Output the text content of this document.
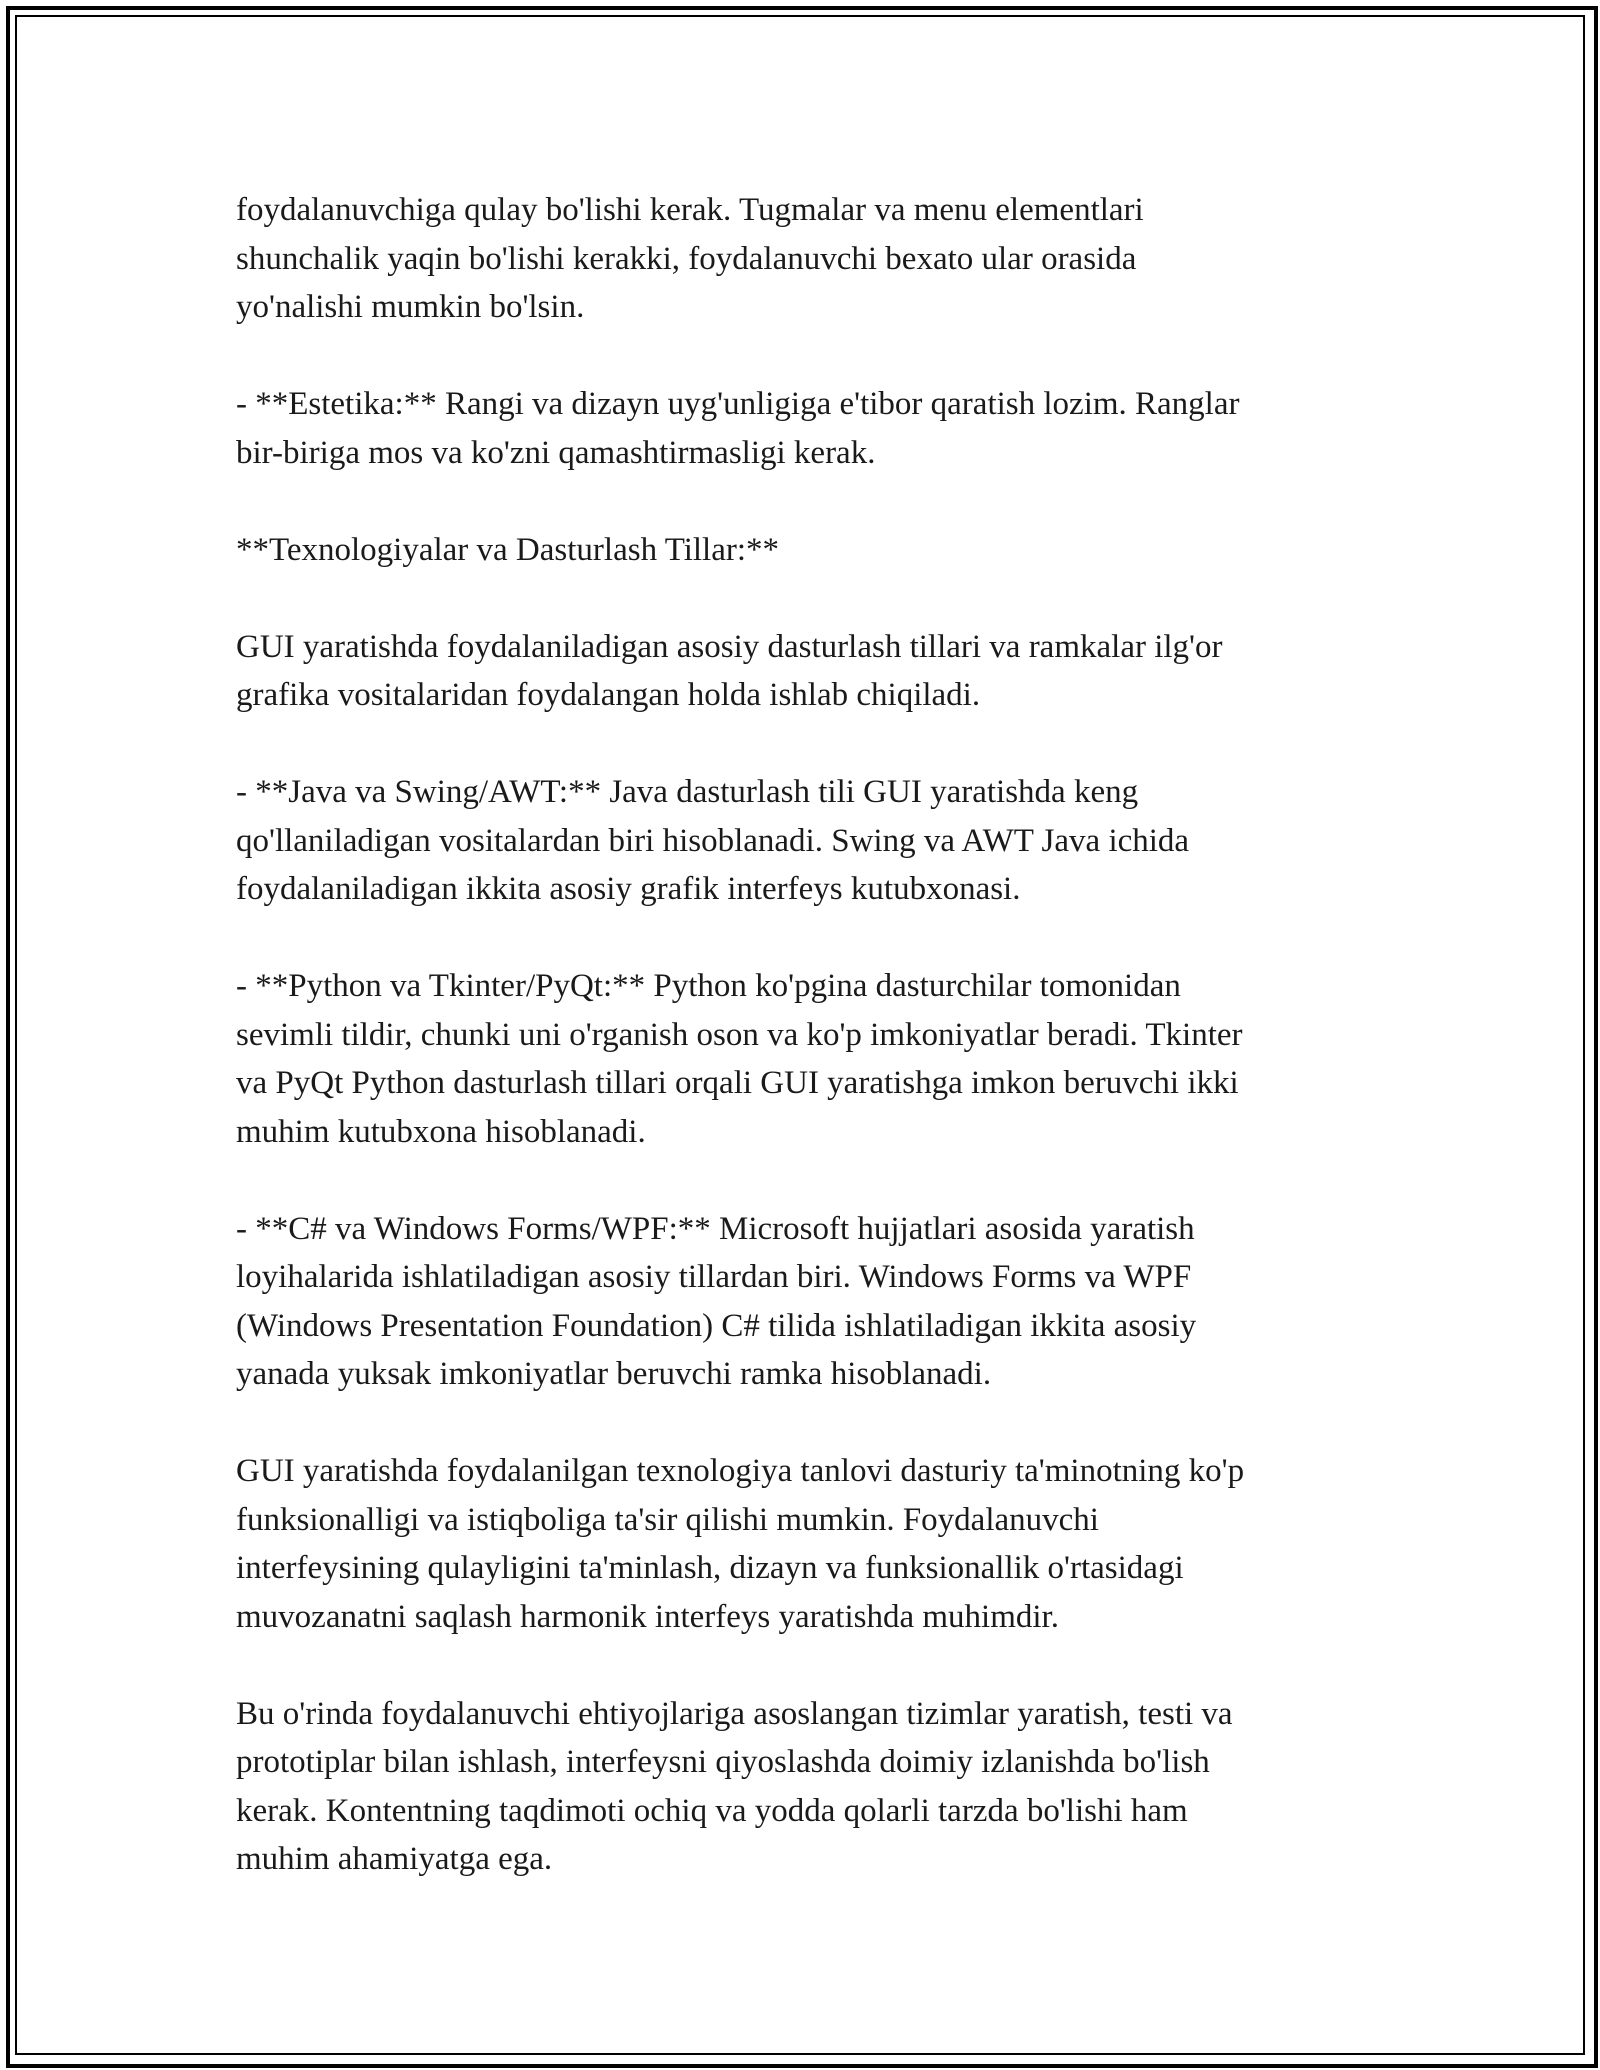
foydalanuvchiga qulay bo'lishi kerak. Tugmalar va menu elementlari
shunchalik yaqin bo'lishi kerakki, foydalanuvchi bexato ular orasida
yo'nalishi mumkin bo'lsin.

- **Estetika:** Rangi va dizayn uyg'unligiga e'tibor qaratish lozim. Ranglar
bir-biriga mos va ko'zni qamashtirmasligi kerak.

**Texnologiyalar va Dasturlash Tillar:**

GUI yaratishda foydalaniladigan asosiy dasturlash tillari va ramkalar ilg'or
grafika vositalaridan foydalangan holda ishlab chiqiladi.

- **Java va Swing/AWT:** Java dasturlash tili GUI yaratishda keng
qo'llaniladigan vositalardan biri hisoblanadi. Swing va AWT Java ichida
foydalaniladigan ikkita asosiy grafik interfeys kutubxonasi.

- **Python va Tkinter/PyQt:** Python ko'pgina dasturchilar tomonidan
sevimli tildir, chunki uni o'rganish oson va ko'p imkoniyatlar beradi. Tkinter
va PyQt Python dasturlash tillari orqali GUI yaratishga imkon beruvchi ikki
muhim kutubxona hisoblanadi.

- **C# va Windows Forms/WPF:** Microsoft hujjatlari asosida yaratish
loyihalarida ishlatiladigan asosiy tillardan biri. Windows Forms va WPF
(Windows Presentation Foundation) C# tilida ishlatiladigan ikkita asosiy
yanada yuksak imkoniyatlar beruvchi ramka hisoblanadi.

GUI yaratishda foydalanilgan texnologiya tanlovi dasturiy ta'minotning ko'p
funksionalligi va istiqboliga ta'sir qilishi mumkin. Foydalanuvchi
interfeysining qulayligini ta'minlash, dizayn va funksionallik o'rtasidagi
muvozanatni saqlash harmonik interfeys yaratishda muhimdir.

Bu o'rinda foydalanuvchi ehtiyojlariga asoslangan tizimlar yaratish, testi va
prototiplar bilan ishlash, interfeysni qiyoslashda doimiy izlanishda bo'lish
kerak. Kontentning taqdimoti ochiq va yodda qolarli tarzda bo'lishi ham
muhim ahamiyatga ega.
